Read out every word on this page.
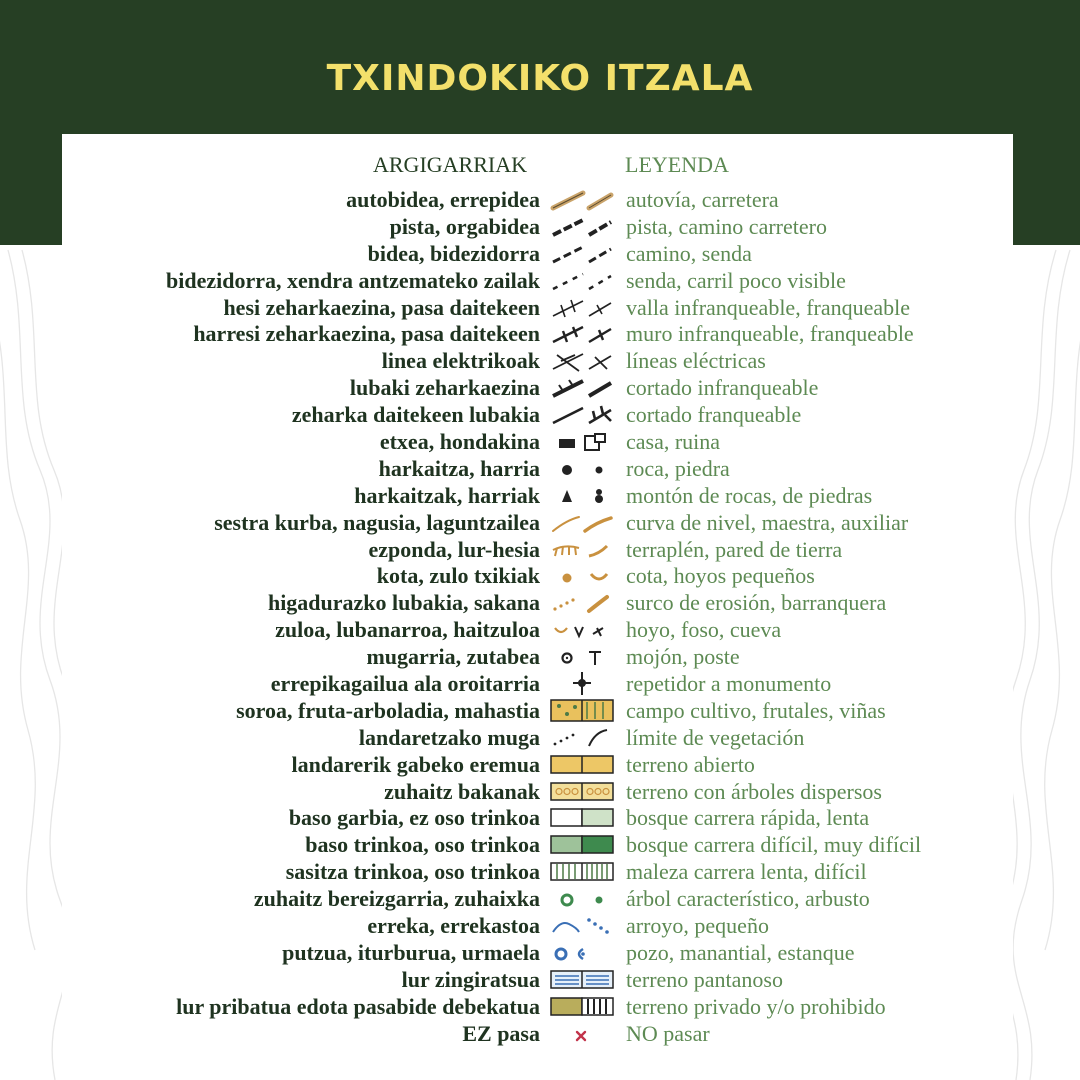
TXINDOKIKO ITZALA
ARGIGARRIAK	LEYENDA
autobidea, errepidea	autovía, carretera
pista, orgabidea	pista, camino carretero
bidea, bidezidorra	camino, senda
bidezidorra, xendra antzemateko zailak	senda, carril poco visible
hesi zeharkaezina, pasa daitekeen	valla infranqueable, franqueable
harresi zeharkaezina, pasa daitekeen	muro infranqueable, franqueable
linea elektrikoak	líneas eléctricas
lubaki zeharkaezina	cortado infranqueable
zeharka daitekeen lubakia	cortado franqueable
etxea, hondakina	casa, ruina
harkaitza, harria	roca, piedra
harkaitzak, harriak	montón de rocas, de piedras
sestra kurba, nagusia, laguntzailea	curva de nivel, maestra, auxiliar
ezponda, lur-hesia	terraplén, pared de tierra
kota, zulo txikiak	cota, hoyos pequeños
higadurazko lubakia, sakana	surco de erosión, barranquera
zuloa, lubanarroa, haitzuloa	hoyo, foso, cueva
mugarria, zutabea	mojón, poste
errepikagailua ala oroitarria	repetidor a monumento
soroa, fruta-arboladia, mahastia	campo cultivo, frutales, viñas
landaretzako muga	límite de vegetación
landarerik gabeko eremua	terreno abierto
zuhaitz bakanak	terreno con árboles dispersos
baso garbia, ez oso trinkoa	bosque carrera rápida, lenta
baso trinkoa, oso trinkoa	bosque carrera difícil, muy difícil
sasitza trinkoa, oso trinkoa	maleza carrera lenta, difícil
zuhaitz bereizgarria, zuhaixka	árbol característico, arbusto
erreka, errekastoa	arroyo, pequeño
putzua, iturburua, urmaela	pozo, manantial, estanque
lur zingiratsua	terreno pantanoso
lur pribatua edota pasabide debekatua	terreno privado y/o prohibido
EZ pasa	NO pasar
